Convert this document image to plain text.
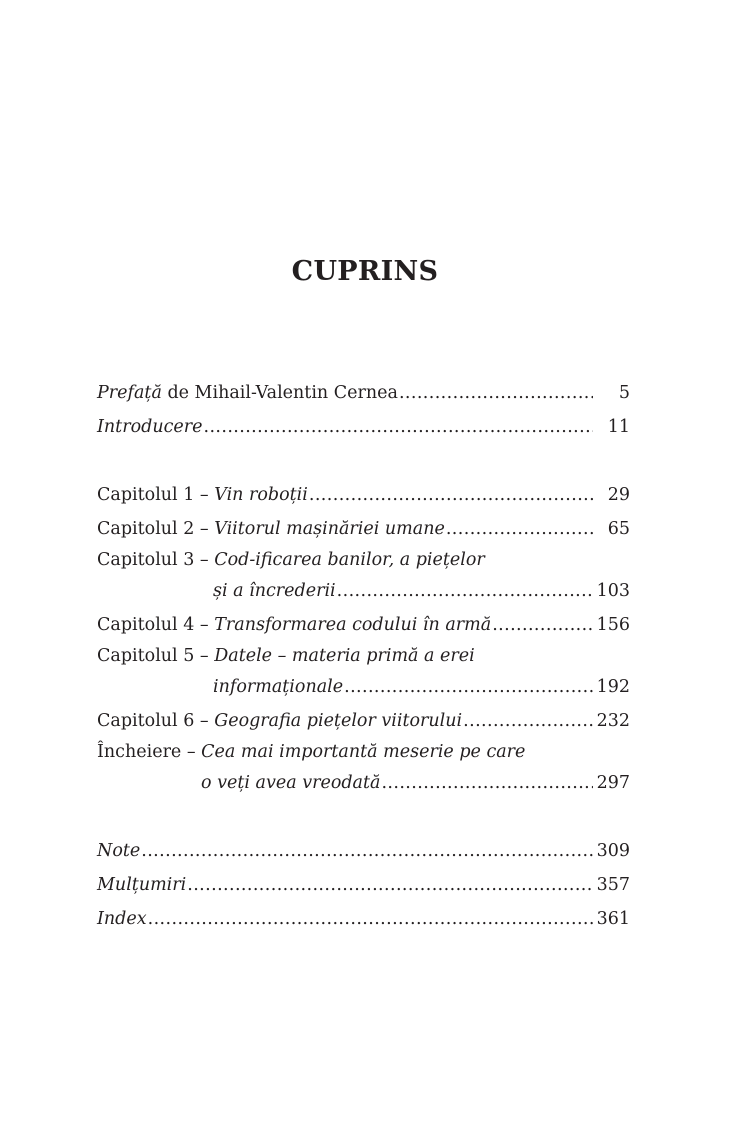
CUPRINS
Prefață de Mihail-Valentin Cernea .....	5
Introducere .....	11
Capitolul 1 – Vin roboții .....	29
Capitolul 2 – Viitorul mașinăriei umane .....	65
Capitolul 3 – Cod-ificarea banilor, a piețelor
și a încrederii .....	103
Capitolul 4 – Transformarea codului în armă .....	156
Capitolul 5 – Datele – materia primă a erei
informaționale .....	192
Capitolul 6 – Geografia piețelor viitorului .....	232
Încheiere – Cea mai importantă meserie pe care
o veți avea vreodată .....	297
Note .....	309
Mulțumiri .....	357
Index .....	361
